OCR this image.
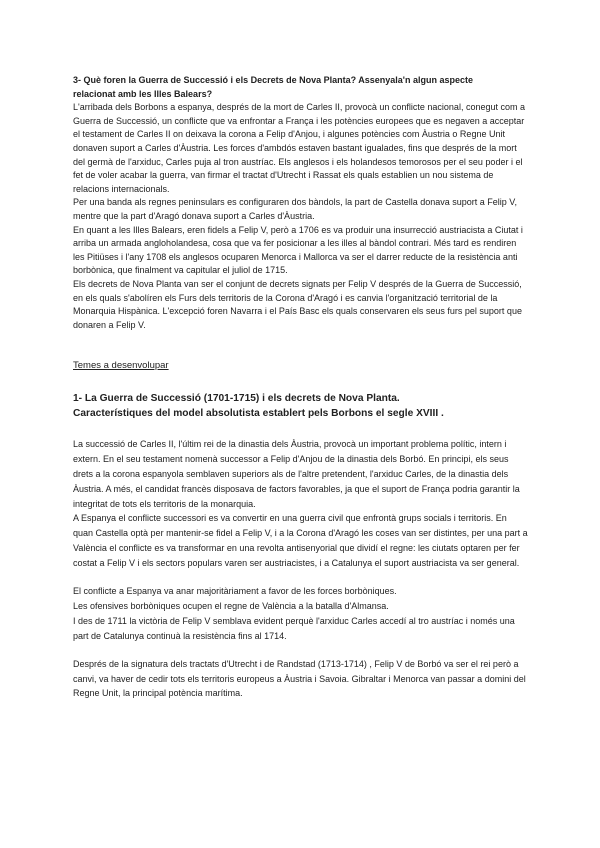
3- Què foren la Guerra de Successió i els Decrets de Nova Planta? Assenyala'n algun aspecte

relacionat amb les Illes Balears?

L'arribada dels Borbons a espanya, després de la mort de Carles II, provocà un conflicte nacional, conegut com a Guerra de Successió, un conflicte que va enfrontar a França i les potències europees que es negaven a acceptar el testament de Carles II on deixava la corona a Felip d'Anjou, i algunes potències com Àustria o Regne Unit donaven suport a Carles d'Àustria. Les forces d'ambdós estaven bastant igualades, fins que després de la mort del germà de l'arxiduc, Carles puja al tron austríac. Els anglesos i els holandesos temorosos per el seu poder i el fet de voler acabar la guerra, van firmar el tractat d'Utrecht i Rassat els quals establien un nou sistema de relacions internacionals.

Per una banda als regnes peninsulars es configuraren dos bàndols, la part de Castella donava suport a Felip V, mentre que la part d'Aragó donava suport a Carles d'Àustria.

En quant a les Illes Balears, eren fidels a Felip V, però a 1706 es va produir una insurrecció austriacista a Ciutat i arriba un armada angloholandesa, cosa que va fer posicionar a les illes al bàndol contrari. Més tard es rendiren les Pitiüses i l'any 1708 els anglesos ocuparen Menorca i Mallorca va ser el darrer reducte de la resistència anti borbònica, que finalment va capitular el juliol de 1715.

Els decrets de Nova Planta van ser el conjunt de decrets signats per Felip V després de la Guerra de Successió, en els quals s'abolíren els Furs dels territoris de la Corona d'Aragó i es canvia l'organització territorial de la Monarquia Hispànica. L'excepció foren Navarra i el País Basc els quals conservaren els seus furs pel suport que donaren a Felip V.

Temes a desenvolupar

1- La Guerra de Successió (1701-1715) i els decrets de Nova Planta.
Característiques del model absolutista establert pels Borbons el segle XVIII .

La successió de Carles II, l'últim rei de la dinastia dels Àustria, provocà un important problema polític, intern i extern. En el seu testament nomenà successor a Felip d'Anjou de la dinastia dels Borbó. En principi, els seus drets a la corona espanyola semblaven superiors als de l'altre pretendent, l'arxiduc Carles, de la dinastia dels Àustria. A més, el candidat francès disposava de factors favorables, ja que el suport de França podria garantir la integritat de tots els territoris de la monarquia.

A Espanya el conflicte successori es va convertir en una guerra civil que enfrontà grups socials i territoris. En quan Castella optà per mantenir-se fidel a Felip V, i a la Corona d'Aragó les coses van ser distintes, per una part a València el conflicte es va transformar en una revolta antisenyorial que dividí el regne: les ciutats optaren per fer costat a Felip V i els sectors populars varen ser austriacistes, i a Catalunya el suport austriacista va ser general.

El conflicte a Espanya va anar majoritàriament a favor de les forces borbòniques.

Les ofensives borbòniques ocupen el regne de València a la batalla d'Almansa.

I des de 1711 la victòria de Felip V semblava evident perquè l'arxiduc Carles accedí al tro austríac i només una part de Catalunya continuà la resistència fins al 1714.

Després de la signatura dels tractats d'Utrecht i de Randstad (1713-1714) , Felip V de Borbó va ser el rei però a canvi, va haver de cedir tots els territoris europeus a Àustria i Savoia. Gibraltar i Menorca van passar a domini del Regne Unit, la principal potència marítima.
